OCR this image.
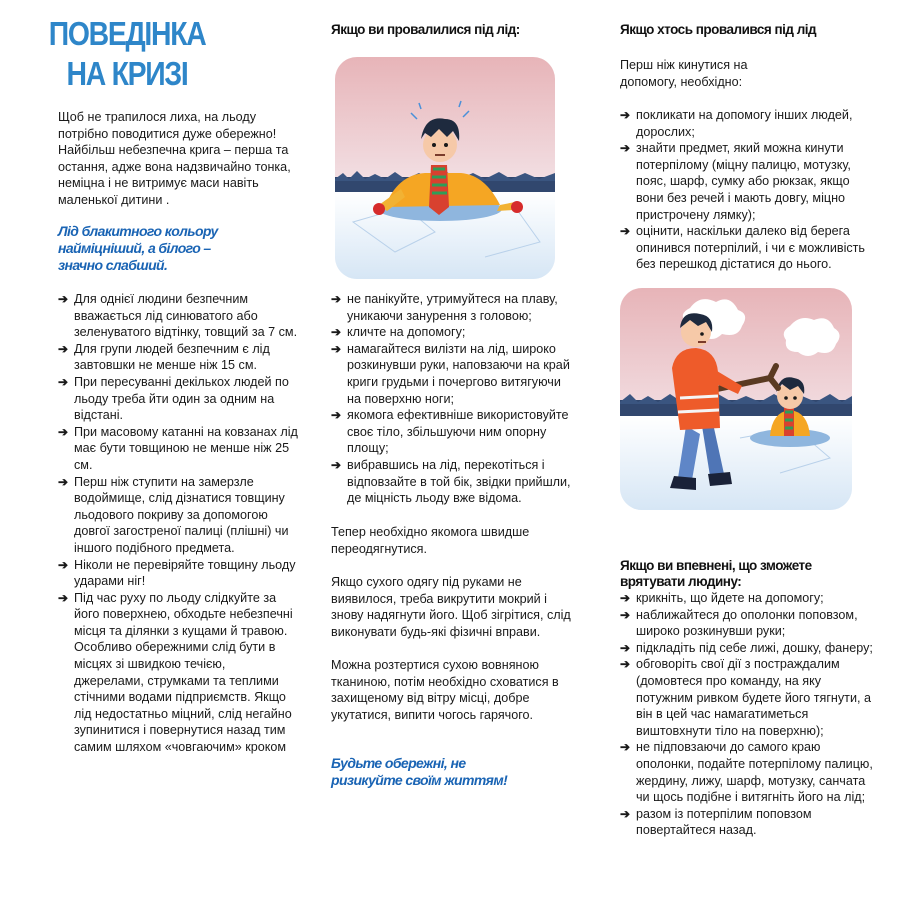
ПОВЕДІНКА
НА КРИЗІ

Щоб не трапилося лиха, на льоду потрібно поводитися дуже обережно! Найбільш небезпечна крига – перша та остання, адже вона надзвичайно тонка, неміцна і не витримує маси навіть маленької дитини .

Лід блакитного кольору найміцніший, а білого – значно слабший.
➔ Для однієї людини безпечним вважається лід синюватого або зеленуватого відтінку, товщий за 7 см.
➔ Для групи людей безпечним є лід завтовшки не менше ніж 15 см.
➔ При пересуванні декількох людей по льоду треба йти один за одним на відстані.
➔ При масовому катанні на ковзанах лід має бути товщиною не менше ніж 25 см.
➔ Перш ніж ступити на замерзле водоймище, слід дізнатися товщину льодового покриву за допомогою довгої загостреної палиці (плішні) чи іншого подібного предмета.
➔ Ніколи не перевіряйте товщину льоду ударами ніг!
➔ Під час руху по льоду слідкуйте за його поверхнею, обходьте небезпечні місця та ділянки з кущами й травою. Особливо обережними слід бути в місцях зі швидкою течією, джерелами, струмками та теплими стічними водами підприємств. Якщо лід недостатньо міцний, слід негайно зупинитися і повернутися назад тим самим шляхом «човгаючим» кроком
Якщо ви провалилися під лід:
➔ не панікуйте, утримуйтеся на плаву, уникаючи занурення з головою;
➔ кличте на допомогу;
➔ намагайтеся вилізти на лід, широко розкинувши руки, наповзаючи на край криги грудьми і почергово витягуючи на поверхню ноги;
➔ якомога ефективніше використовуйте своє тіло, збільшуючи ним опорну площу;
➔ вибравшись на лід, перекотіться і відповзайте в той бік, звідки прийшли, де міцність льоду вже відома.

Тепер необхідно якомога швидше переодягнутися.

Якщо сухого одягу під руками не виявилося, треба викрутити мокрий і знову надягнути його. Щоб зігрітися, слід виконувати будь-які фізичні вправи.

Можна розтертися сухою вовняною тканиною, потім необхідно сховатися в захищеному від вітру місці, добре укутатися, випити чогось гарячого.

Будьте обережні, не ризикуйте своїм життям!
Якщо хтось провалився під лід

Перш ніж кинутися на допомогу, необхідно:

➔ покликати на допомогу інших людей, дорослих;
➔ знайти предмет, який можна кинути потерпілому (міцну палицю, мотузку, пояс, шарф, сумку або рюкзак, якщо вони без речей і мають довгу, міцно пристрочену лямку);
➔ оцінити, наскільки далеко від берега опинився потерпілий, і чи є можливість без перешкод дістатися до нього.
Якщо ви впевнені, що зможете врятувати людину:
➔ крикніть, що йдете на допомогу;
➔ наближайтеся до ополонки поповзом, широко розкинувши руки;
➔ підкладіть під себе лижі, дошку, фанеру;
➔ обговоріть свої дії з постраждалим (домовтеся про команду, на яку потужним ривком будете його тягнути, а він в цей час намагатиметься виштовхнути тіло на поверхню);
➔ не підповзаючи до самого краю ополонки, подайте потерпілому палицю, жердину, лижу, шарф, мотузку, санчата чи щось подібне і витягніть його на лід;
➔ разом із потерпілим поповзом повертайтеся назад.
